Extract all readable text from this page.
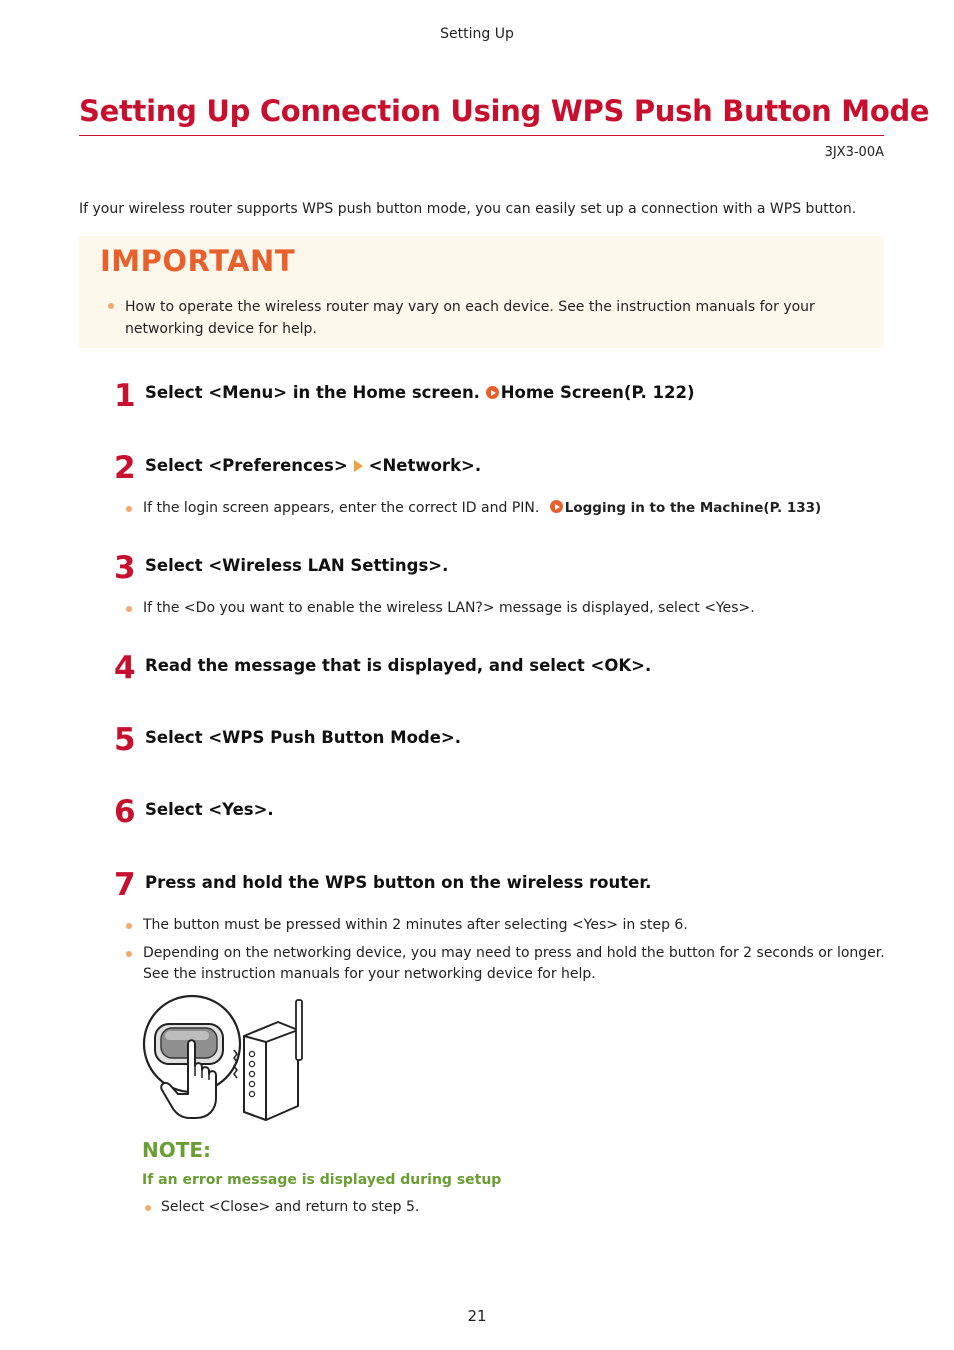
Setting Up
Setting Up Connection Using WPS Push Button Mode
3JX3-00A
If your wireless router supports WPS push button mode, you can easily set up a connection with a WPS button.
IMPORTANT
How to operate the wireless router may vary on each device. See the instruction manuals for your
networking device for help.
1 Select <Menu> in the Home screen. Home Screen(P. 122)
2 Select <Preferences> <Network>.
If the login screen appears, enter the correct ID and PIN. Logging in to the Machine(P. 133)
3 Select <Wireless LAN Settings>.
If the <Do you want to enable the wireless LAN?> message is displayed, select <Yes>.
4 Read the message that is displayed, and select <OK>.
5 Select <WPS Push Button Mode>.
6 Select <Yes>.
7 Press and hold the WPS button on the wireless router.
The button must be pressed within 2 minutes after selecting <Yes> in step 6.
Depending on the networking device, you may need to press and hold the button for 2 seconds or longer.
See the instruction manuals for your networking device for help.
NOTE:
If an error message is displayed during setup
Select <Close> and return to step 5.
21
